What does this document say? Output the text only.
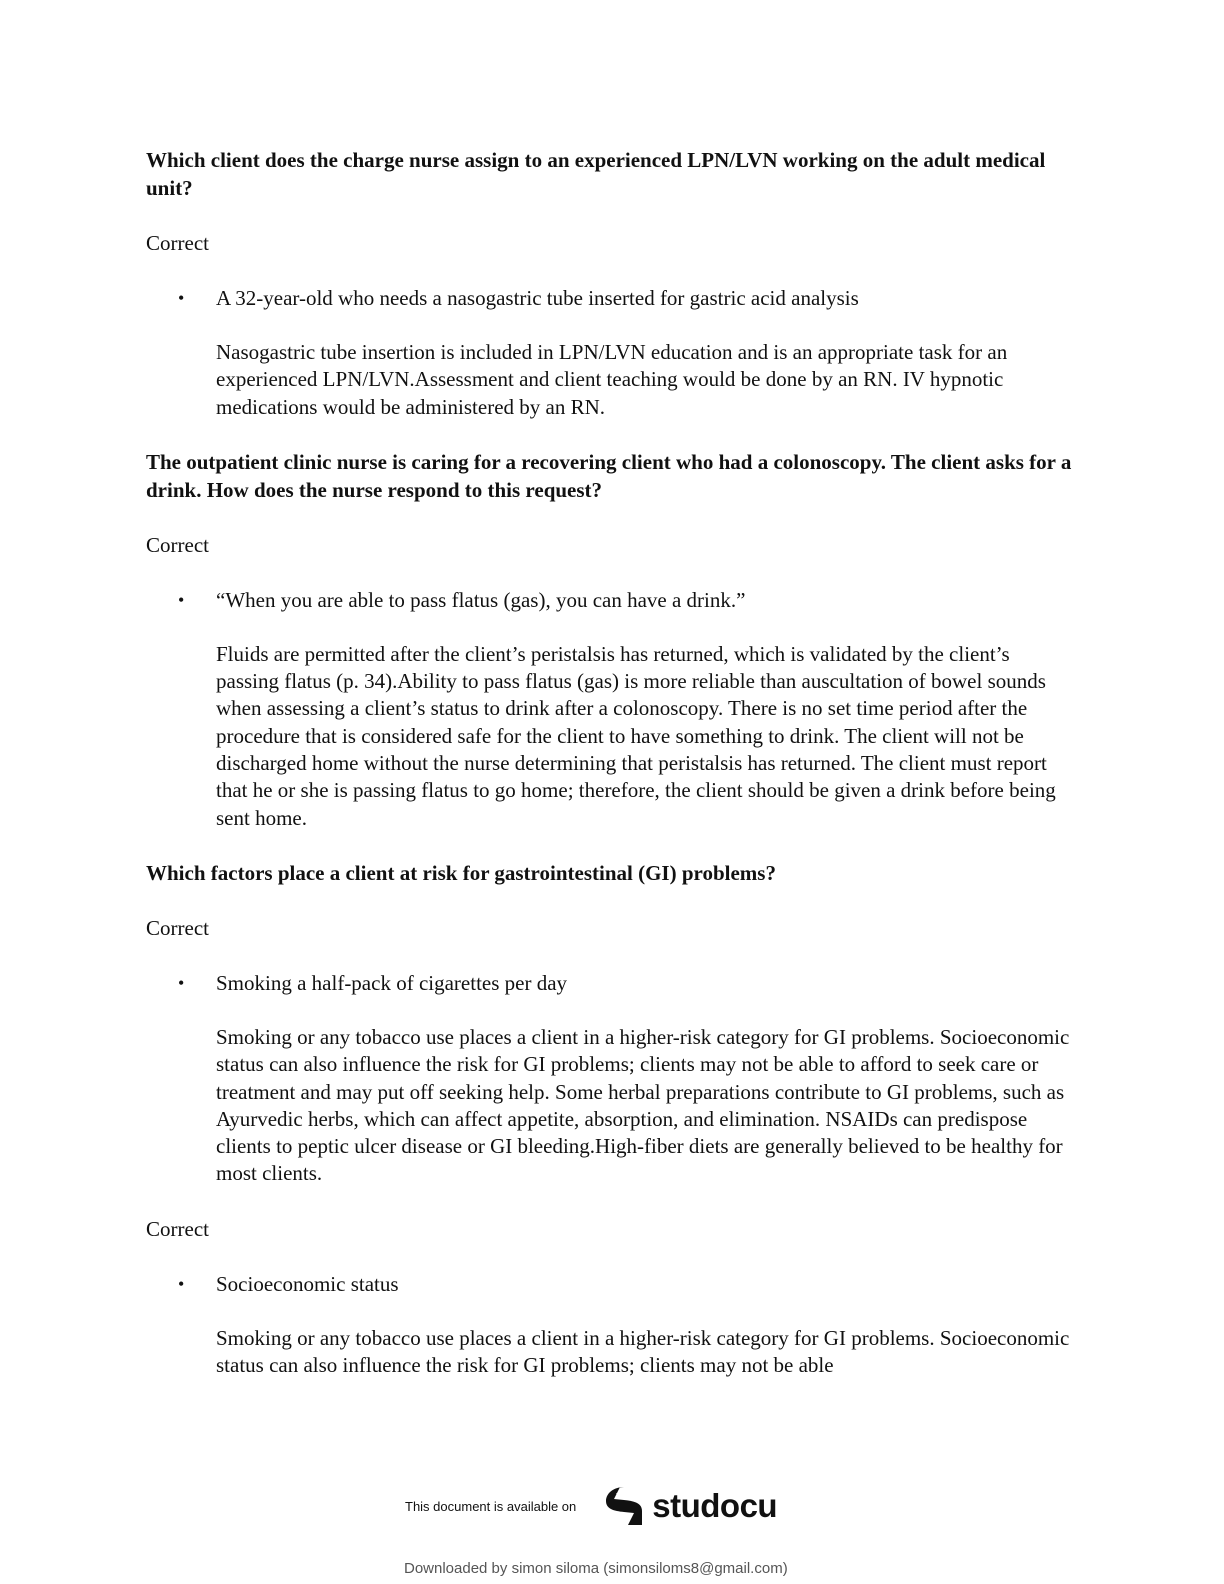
Which client does the charge nurse assign to an experienced LPN/LVN working on the adult medical unit?

Correct

• A 32-year-old who needs a nasogastric tube inserted for gastric acid analysis

Nasogastric tube insertion is included in LPN/LVN education and is an appropriate task for an experienced LPN/LVN.Assessment and client teaching would be done by an RN. IV hypnotic medications would be administered by an RN.

The outpatient clinic nurse is caring for a recovering client who had a colonoscopy. The client asks for a drink. How does the nurse respond to this request?

Correct

• “When you are able to pass flatus (gas), you can have a drink.”

Fluids are permitted after the client’s peristalsis has returned, which is validated by the client’s passing flatus (p. 34).Ability to pass flatus (gas) is more reliable than auscultation of bowel sounds when assessing a client’s status to drink after a colonoscopy. There is no set time period after the procedure that is considered safe for the client to have something to drink. The client will not be discharged home without the nurse determining that peristalsis has returned. The client must report that he or she is passing flatus to go home; therefore, the client should be given a drink before being sent home.

Which factors place a client at risk for gastrointestinal (GI) problems?

Correct

• Smoking a half-pack of cigarettes per day

Smoking or any tobacco use places a client in a higher-risk category for GI problems. Socioeconomic status can also influence the risk for GI problems; clients may not be able to afford to seek care or treatment and may put off seeking help. Some herbal preparations contribute to GI problems, such as Ayurvedic herbs, which can affect appetite, absorption, and elimination. NSAIDs can predispose clients to peptic ulcer disease or GI bleeding.High-fiber diets are generally believed to be healthy for most clients.

Correct

• Socioeconomic status

Smoking or any tobacco use places a client in a higher-risk category for GI problems. Socioeconomic status can also influence the risk for GI problems; clients may not be able

This document is available on studocu
Downloaded by simon siloma (simonsiloms8@gmail.com)
